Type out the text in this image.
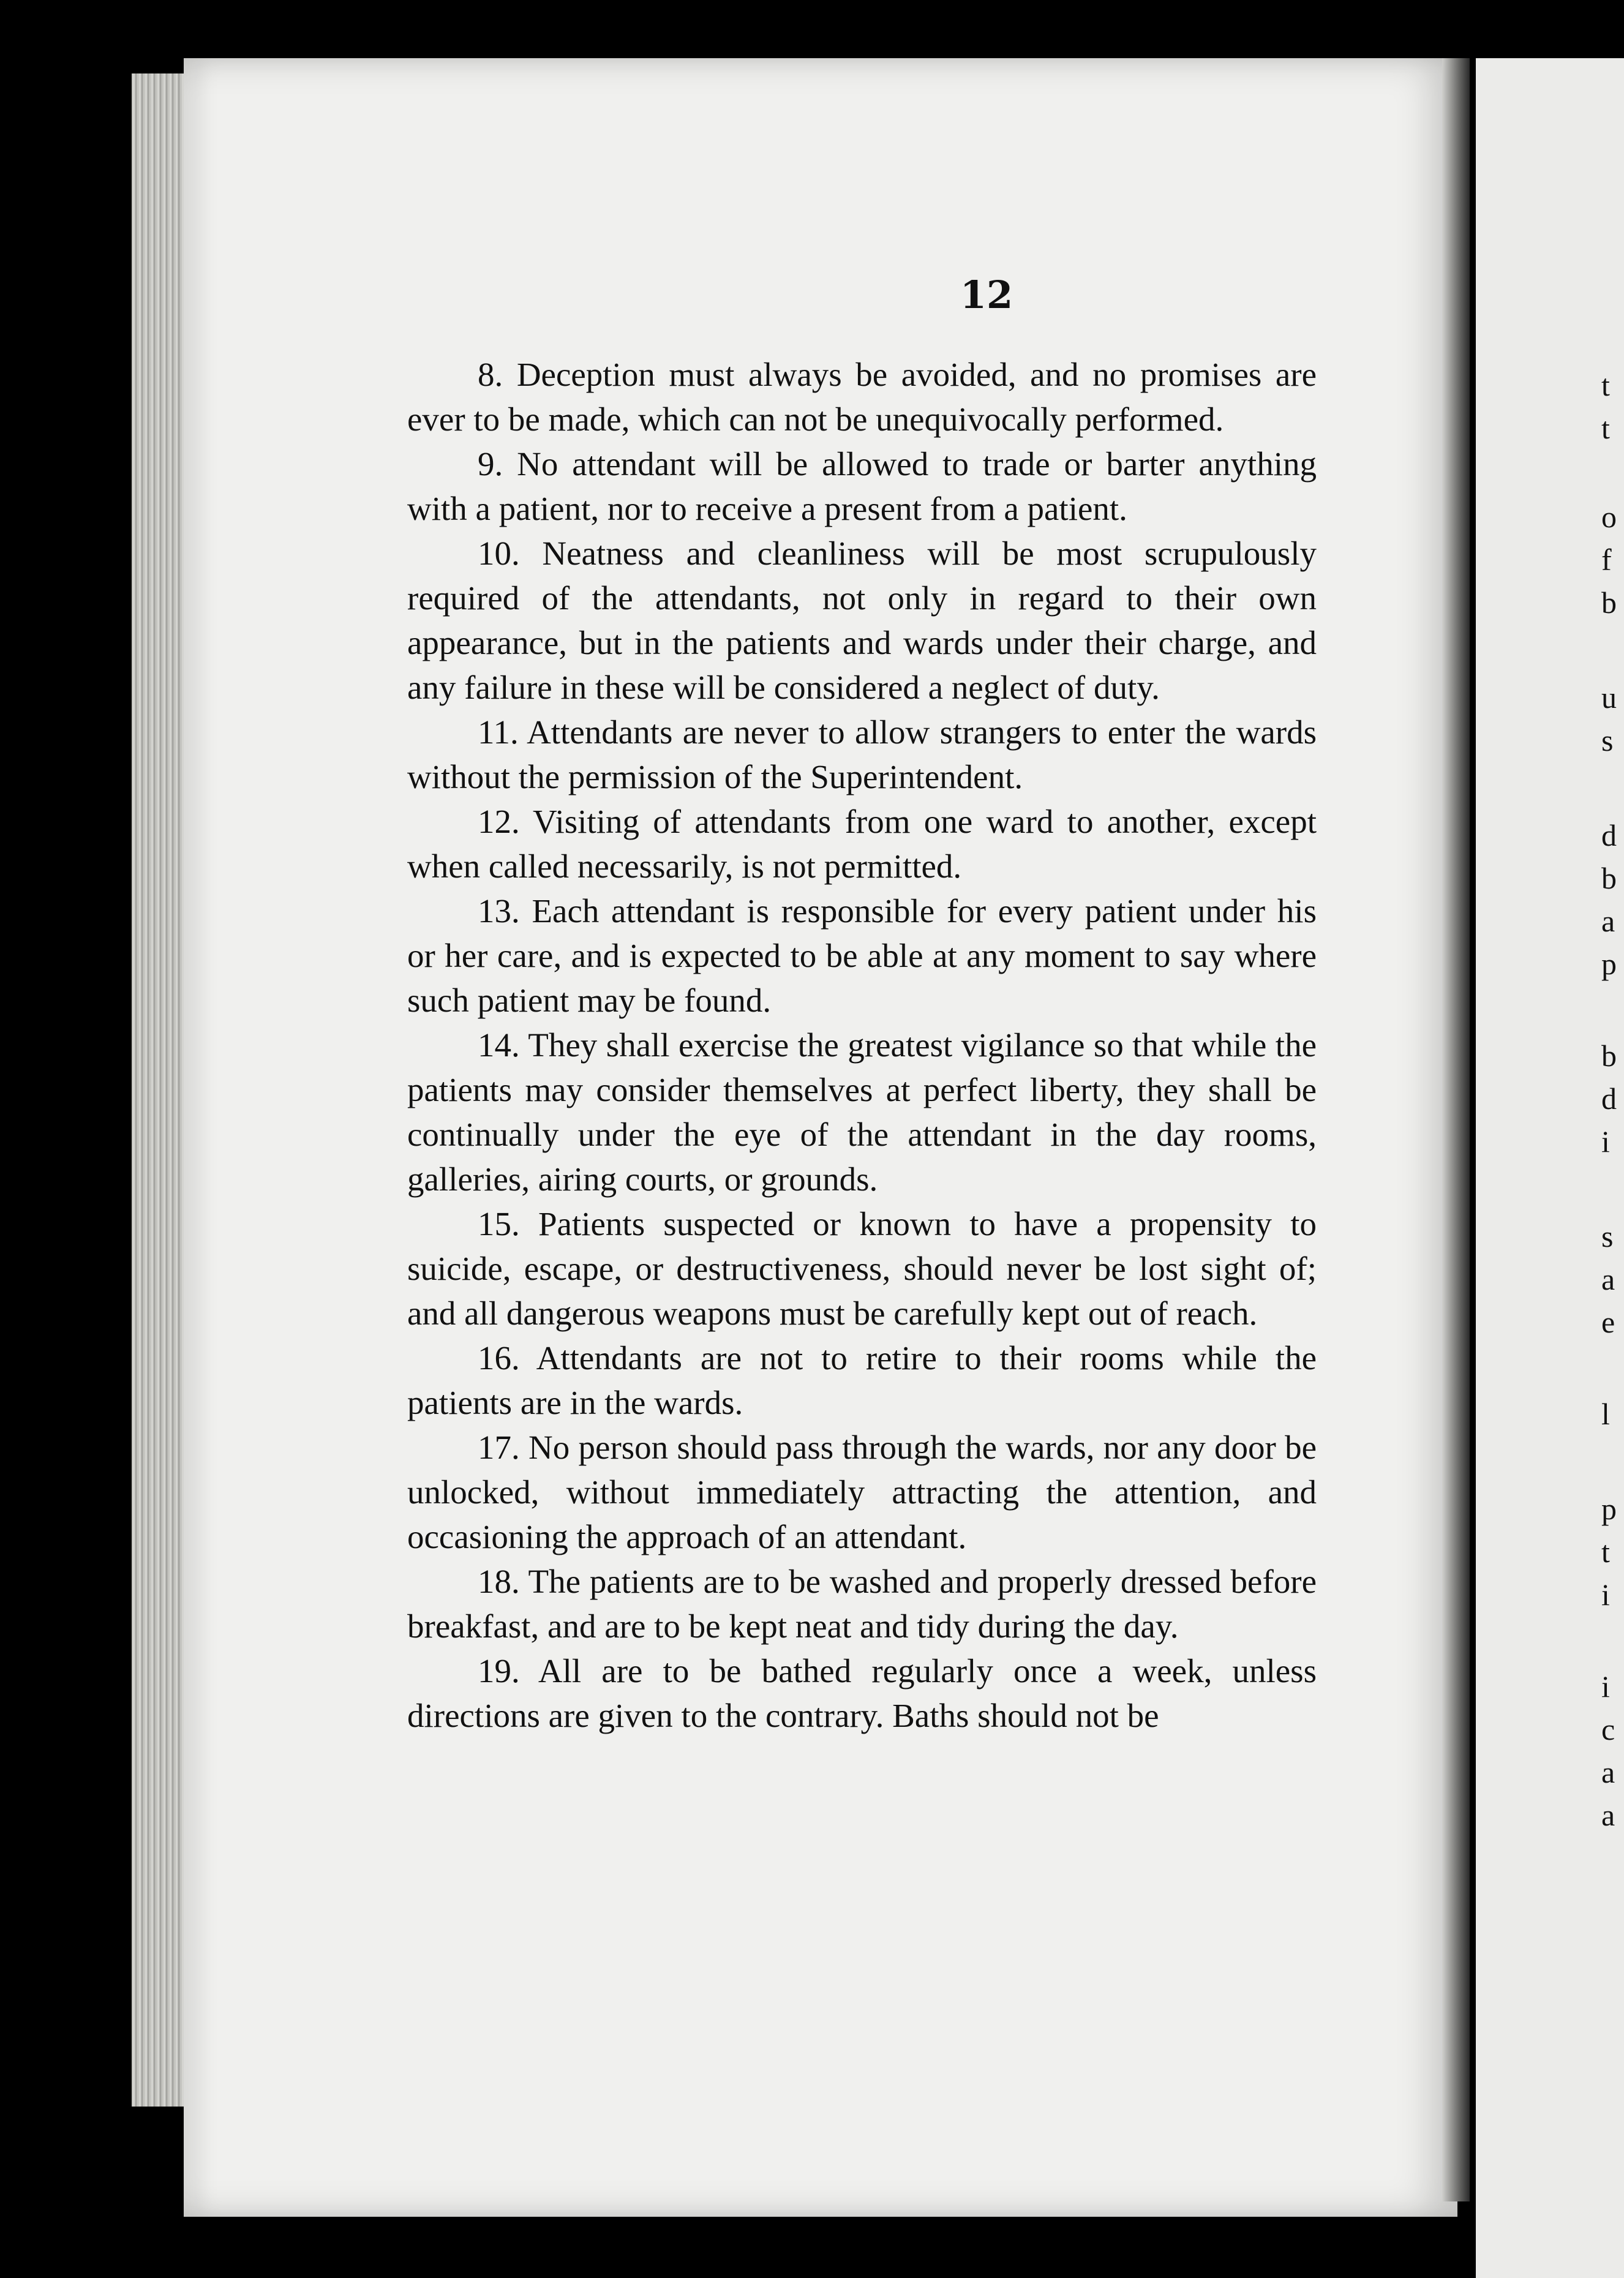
12

8. Deception must always be avoided, and no promises are ever to be made, which can not be unequivocally performed.

9. No attendant will be allowed to trade or barter anything with a patient, nor to receive a present from a patient.

10. Neatness and cleanliness will be most scrupulously required of the attendants, not only in regard to their own appearance, but in the patients and wards under their charge, and any failure in these will be considered a neglect of duty.

11. Attendants are never to allow strangers to enter the wards without the permission of the Superintendent.

12. Visiting of attendants from one ward to another, except when called necessarily, is not permitted.

13. Each attendant is responsible for every patient under his or her care, and is expected to be able at any moment to say where such patient may be found.

14. They shall exercise the greatest vigilance so that while the patients may consider themselves at perfect liberty, they shall be continually under the eye of the attendant in the day rooms, galleries, airing courts, or grounds.

15. Patients suspected or known to have a propensity to suicide, escape, or destructiveness, should never be lost sight of; and all dangerous weapons must be carefully kept out of reach.

16. Attendants are not to retire to their rooms while the patients are in the wards.

17. No person should pass through the wards, nor any door be unlocked, without immediately attracting the attention, and occasioning the approach of an attendant.

18. The patients are to be washed and properly dressed before breakfast, and are to be kept neat and tidy during the day.

19. All are to be bathed regularly once a week, unless directions are given to the contrary. Baths should not be

t
t
o
f
b
u
s
d
b
a
p
b
d
i
s
a
e
l
p
t
i
i
c
a
a
